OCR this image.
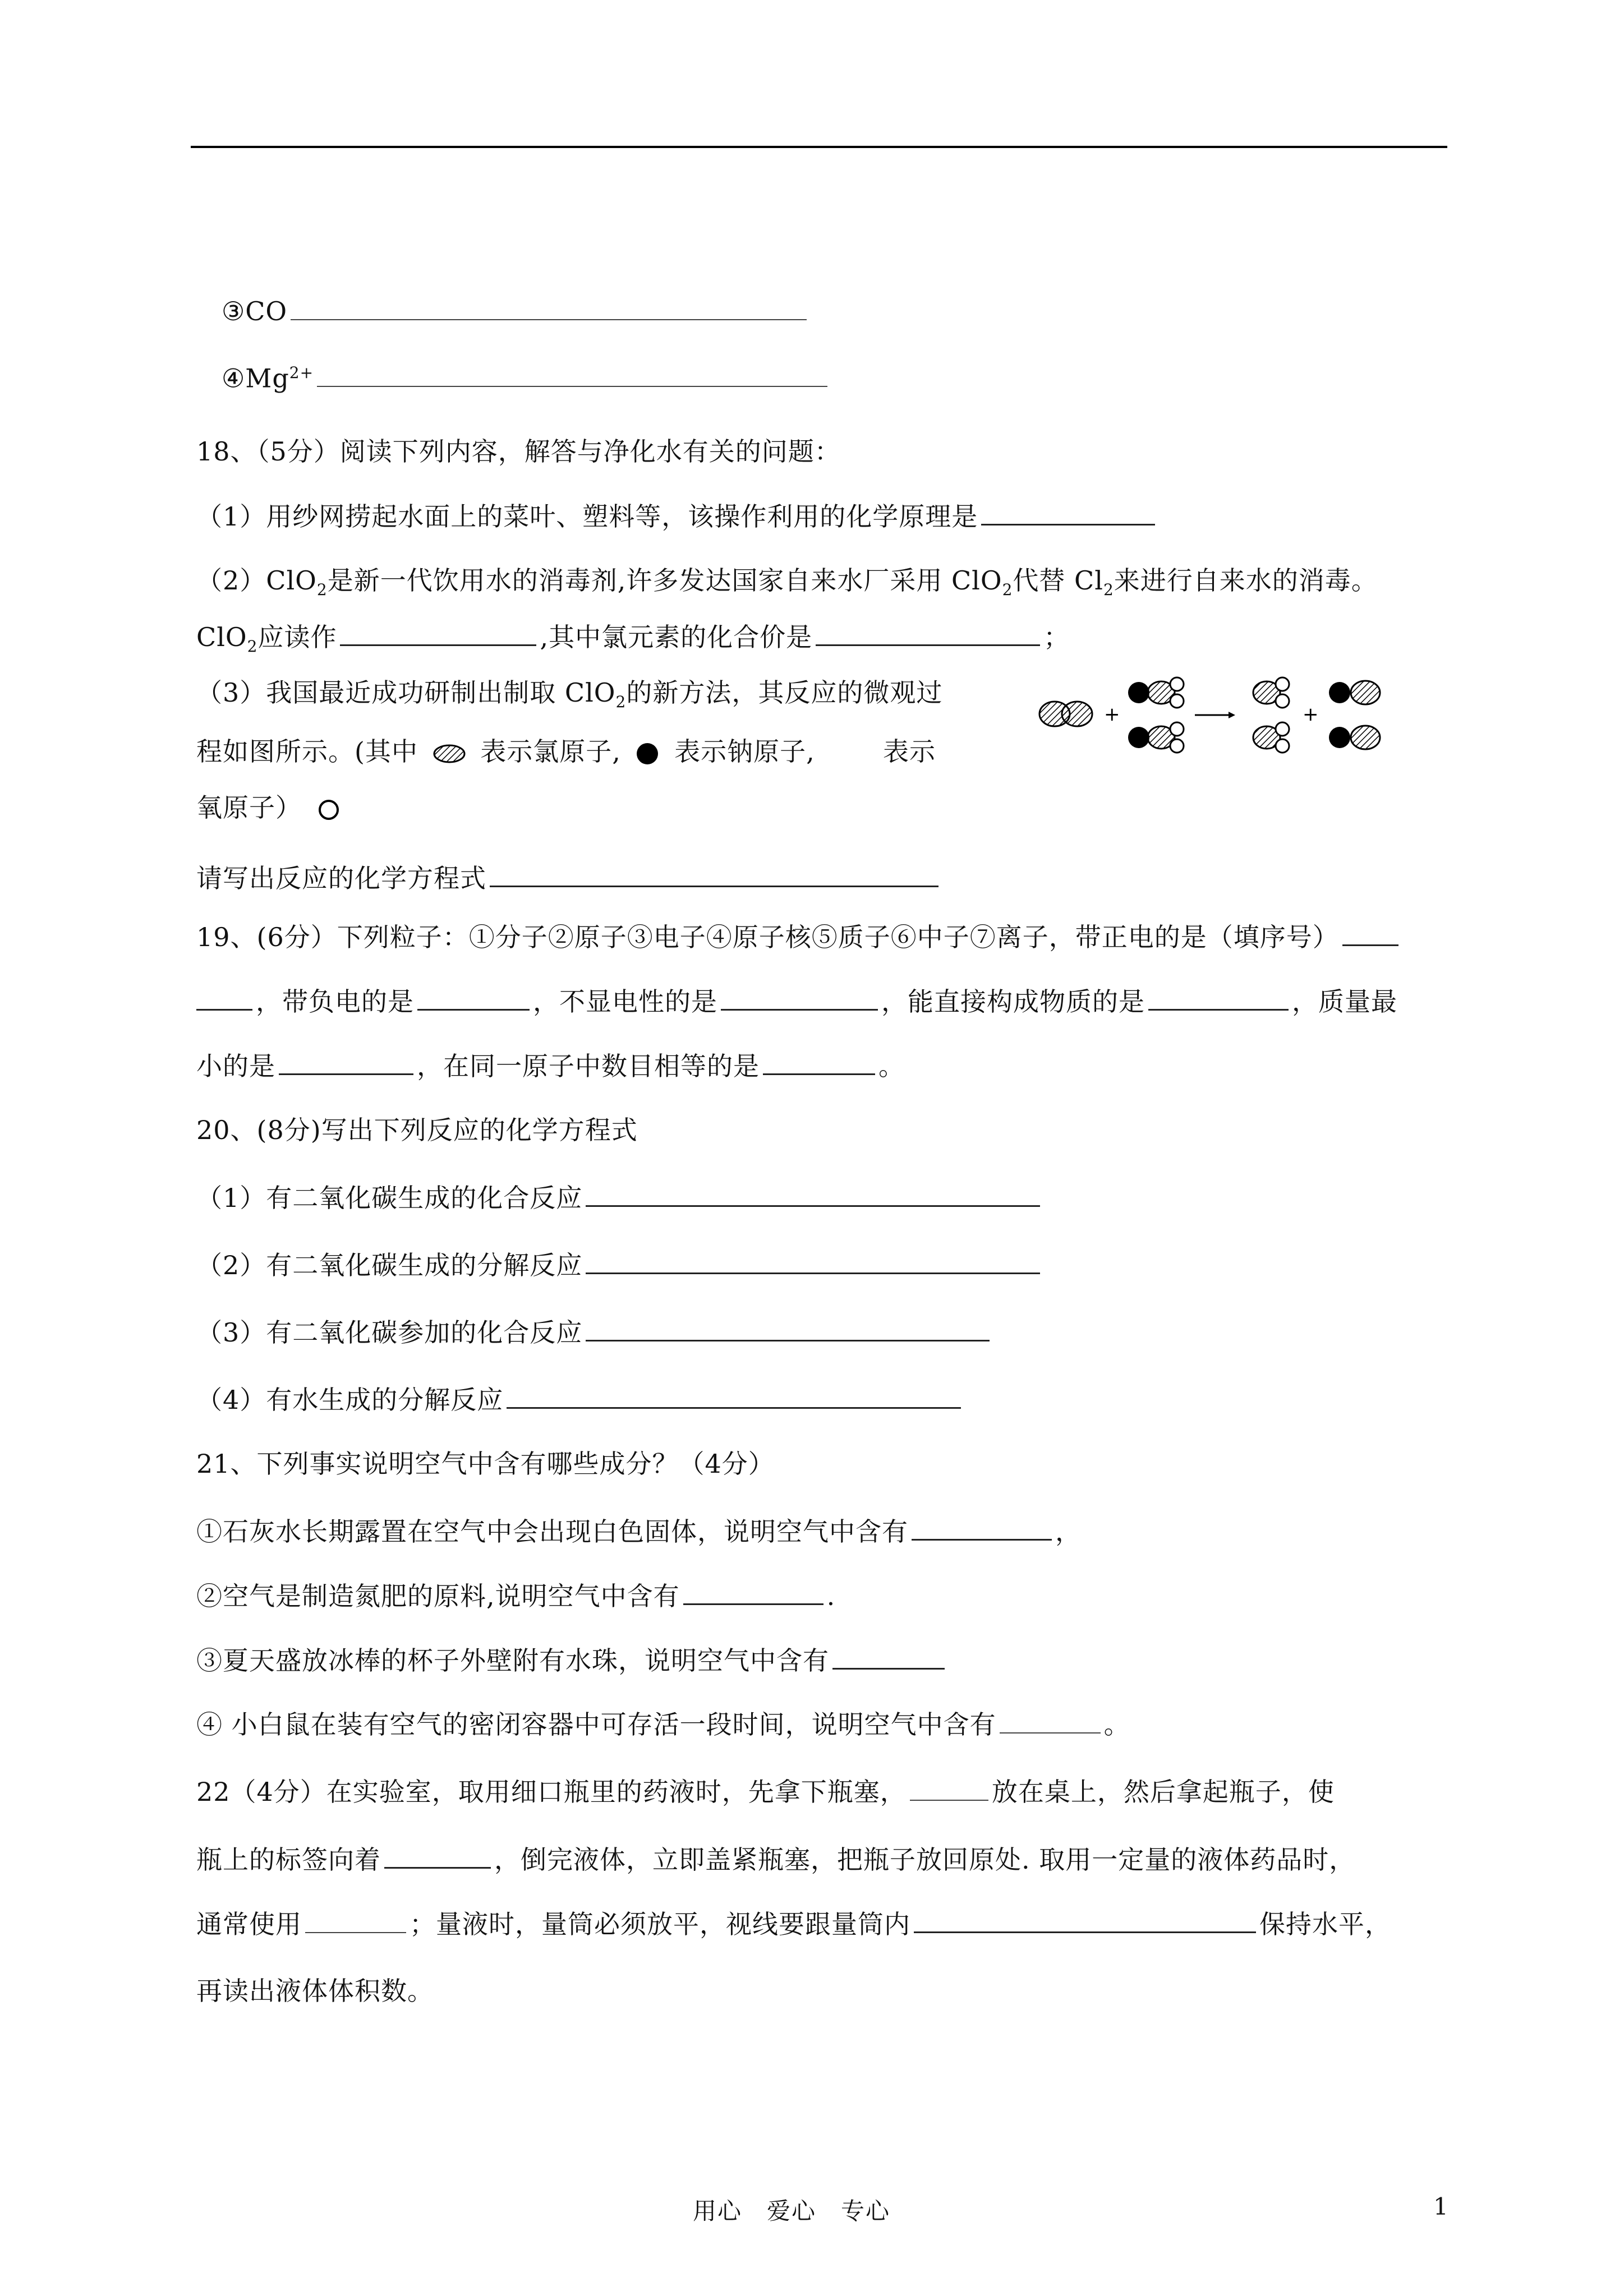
③CO
$④Mg^{2+}$
18、（5分）阅读下列内容，解答与净化水有关的问题：
（1）用纱网捞起水面上的菜叶、塑料等，该操作利用的化学原理是
（2）ClO$_2$是新一代饮用水的消毒剂,许多发达国家自来水厂采用 ClO$_2$代替 $Cl_2$来进行自来水的消毒。
ClO$_2$应读作	,其中氯元素的化合价是	；
（3）我国最近成功研制出制取 ClO$_2$的新方法，其反应的微观过
程如图所示。(其中 表示氯原子, 表示钠原子,	表示
氧原子）
请写出反应的化学方程式
+	+
19、(6分）下列粒子：①分子②原子③电子④原子核⑤质子⑥中子⑦离子，带正电的是（填序号）
，带负电的是	，不显电性的是	，能直接构成物质的是	，质量最
小的是	，在同一原子中数目相等的是	。
20、(8分)写出下列反应的化学方程式
（1）有二氧化碳生成的化合反应
（2）有二氧化碳生成的分解反应
（3）有二氧化碳参加的化合反应
（4）有水生成的分解反应
21、下列事实说明空气中含有哪些成分？（4分）
①石灰水长期露置在空气中会出现白色固体，说明空气中含有	，
②空气是制造氮肥的原料,说明空气中含有	.
③夏天盛放冰棒的杯子外壁附有水珠，说明空气中含有
④ 小白鼠在装有空气的密闭容器中可存活一段时间，说明空气中含有	。
22（4分）在实验室，取用细口瓶里的药液时，先拿下瓶塞，	放在桌上，然后拿起瓶子，使
瓶上的标签向着	，倒完液体，立即盖紧瓶塞，把瓶子放回原处. 取用一定量的液体药品时，
通常使用	；量液时，量筒必须放平，视线要跟量筒内	保持水平，
再读出液体体积数。
用心　爱心　专心	1
